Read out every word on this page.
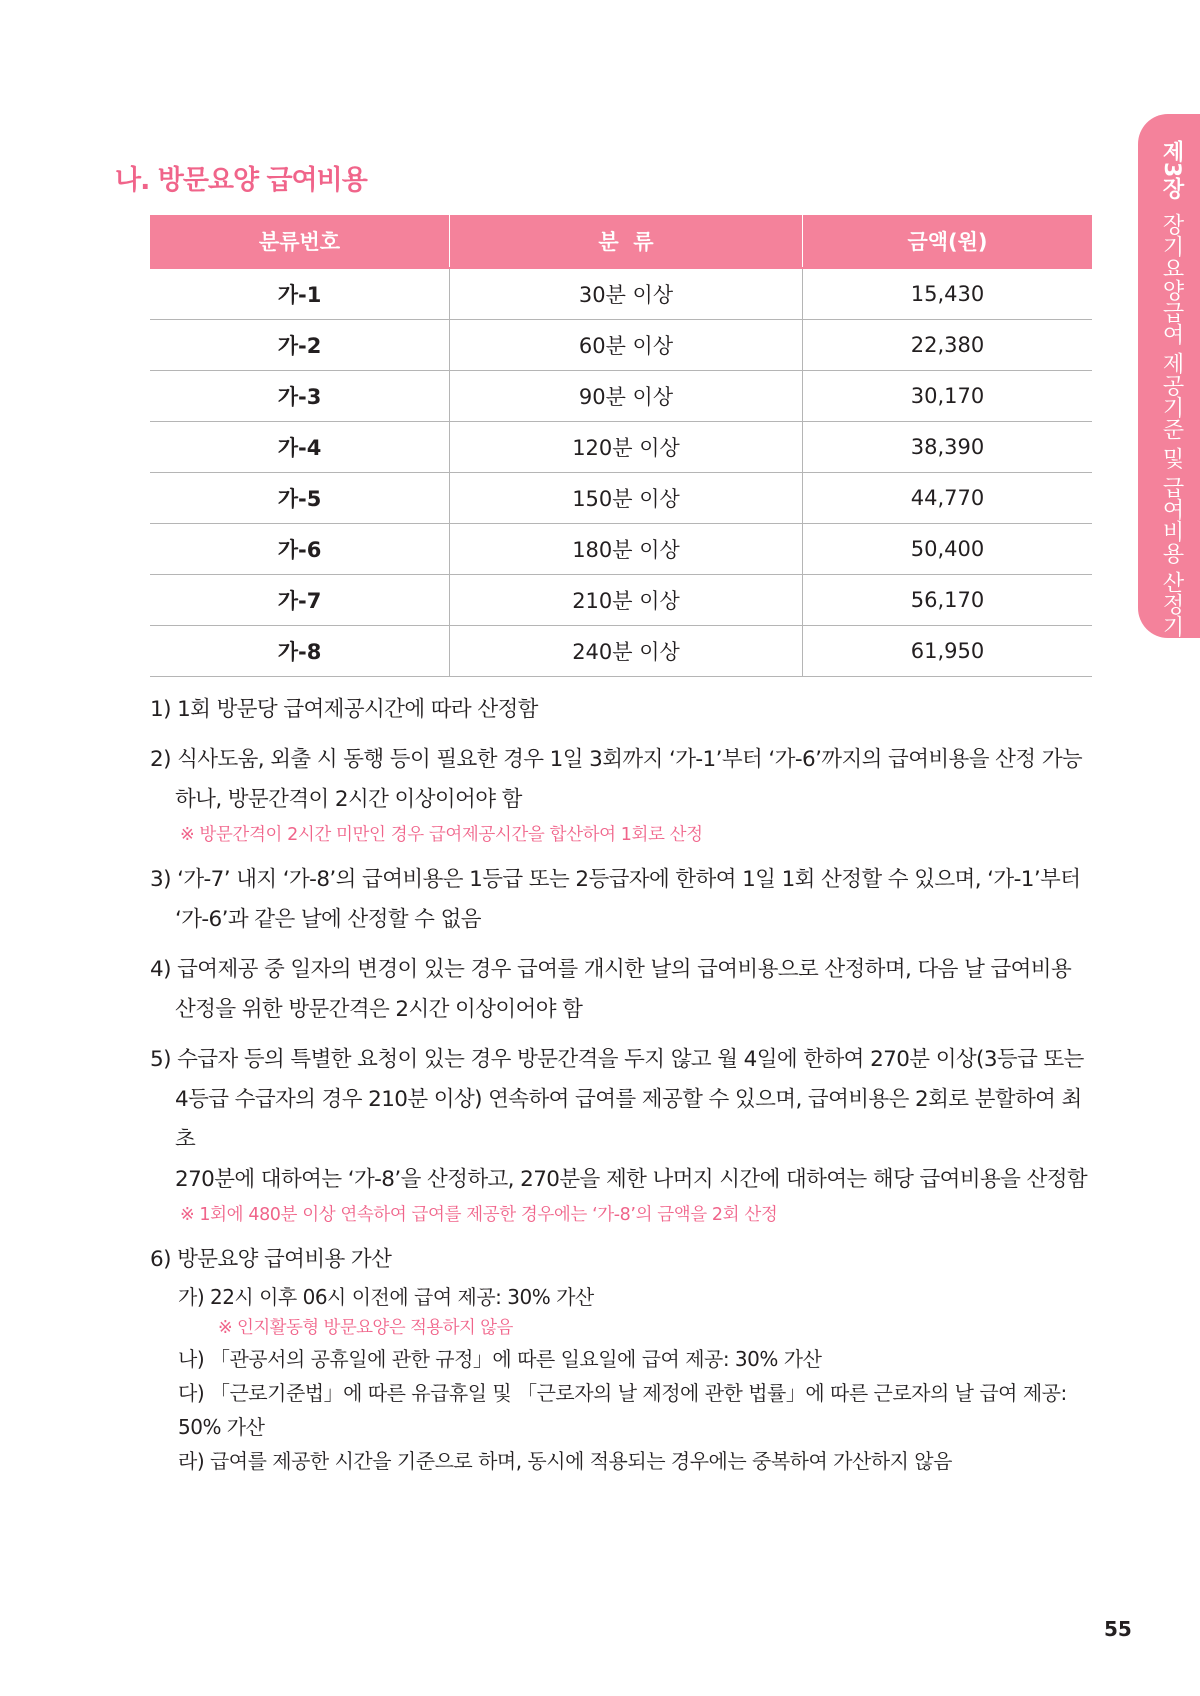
제3장장기요양급여 제공기준 및 급여비용 산정기준
나. 방문요양 급여비용
분류번호	분  류	금액(원)
가-1	30분 이상	15,430
가-2	60분 이상	22,380
가-3	90분 이상	30,170
가-4	120분 이상	38,390
가-5	150분 이상	44,770
가-6	180분 이상	50,400
가-7	210분 이상	56,170
가-8	240분 이상	61,950
1) 1회 방문당 급여제공시간에 따라 산정함
2) 식사도움, 외출 시 동행 등이 필요한 경우 1일 3회까지 ‘가-1’부터 ‘가-6’까지의 급여비용을 산정 가능
하나, 방문간격이 2시간 이상이어야 함
※ 방문간격이 2시간 미만인 경우 급여제공시간을 합산하여 1회로 산정
3) ‘가-7’ 내지 ‘가-8’의 급여비용은 1등급 또는 2등급자에 한하여 1일 1회 산정할 수 있으며, ‘가-1’부터
‘가-6’과 같은 날에 산정할 수 없음
4) 급여제공 중 일자의 변경이 있는 경우 급여를 개시한 날의 급여비용으로 산정하며, 다음 날 급여비용
산정을 위한 방문간격은 2시간 이상이어야 함
5) 수급자 등의 특별한 요청이 있는 경우 방문간격을 두지 않고 월 4일에 한하여 270분 이상(3등급 또는
4등급 수급자의 경우 210분 이상) 연속하여 급여를 제공할 수 있으며, 급여비용은 2회로 분할하여 최초
270분에 대하여는 ‘가-8’을 산정하고, 270분을 제한 나머지 시간에 대하여는 해당 급여비용을 산정함
※ 1회에 480분 이상 연속하여 급여를 제공한 경우에는 ‘가-8’의 금액을 2회 산정
6) 방문요양 급여비용 가산
가) 22시 이후 06시 이전에 급여 제공: 30% 가산
※ 인지활동형 방문요양은 적용하지 않음
나) 「관공서의 공휴일에 관한 규정」에 따른 일요일에 급여 제공: 30% 가산
다) 「근로기준법」에 따른 유급휴일 및 「근로자의 날 제정에 관한 법률」에 따른 근로자의 날 급여 제공: 50% 가산
라) 급여를 제공한 시간을 기준으로 하며, 동시에 적용되는 경우에는 중복하여 가산하지 않음
55
